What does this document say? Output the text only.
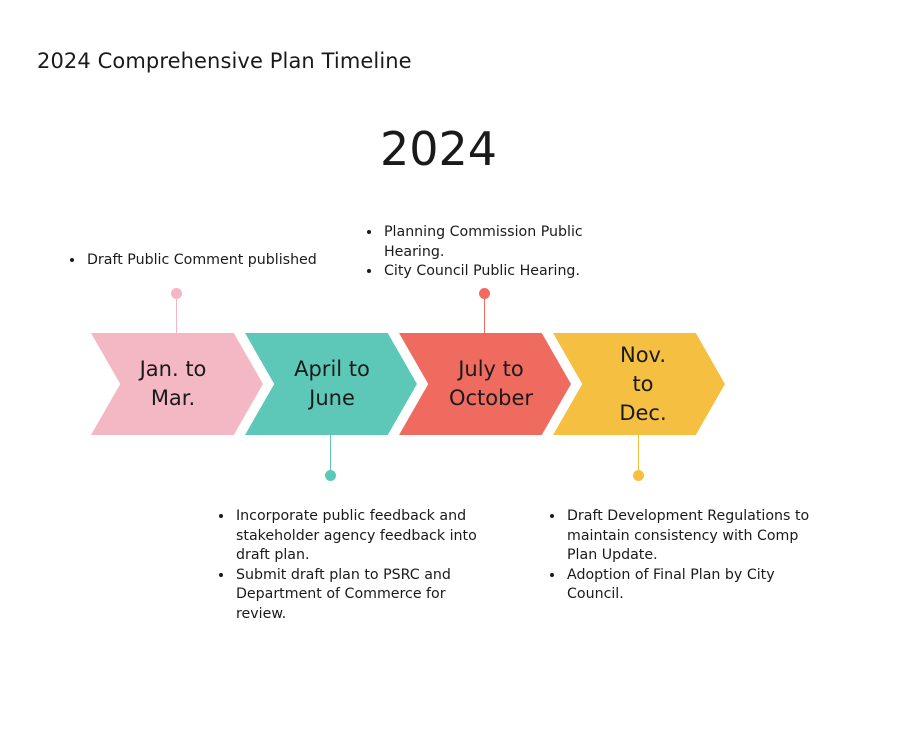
2024 Comprehensive Plan Timeline
2024
Jan. to
Mar.
April to
June
July to
October
Nov.
to
Dec.
• Draft Public Comment published
• Planning Commission Public Hearing.
• City Council Public Hearing.
• Incorporate public feedback and stakeholder agency feedback into draft plan.
• Submit draft plan to PSRC and Department of Commerce for review.
• Draft Development Regulations to maintain consistency with Comp Plan Update.
• Adoption of Final Plan by City Council.
